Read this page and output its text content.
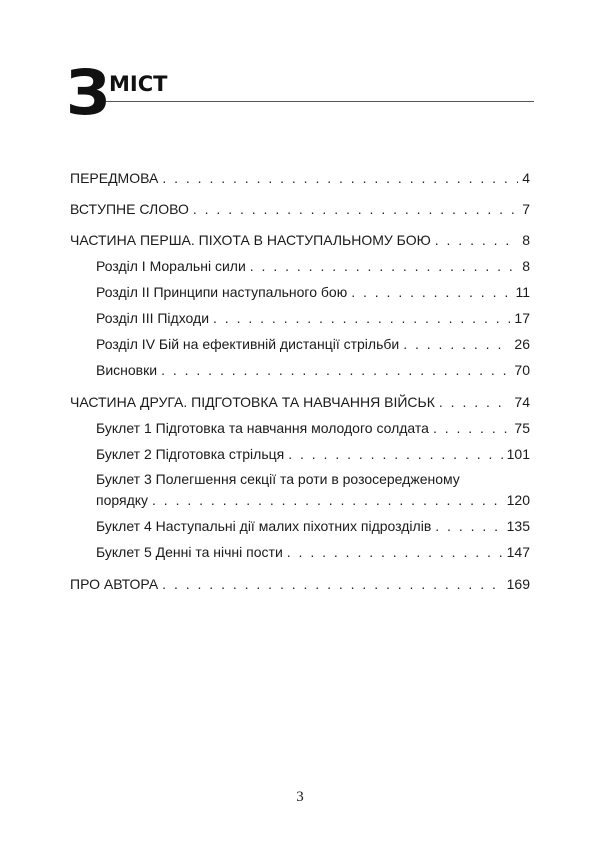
З
МІСТ
ПЕРЕДМОВА . . .	4
ВСТУПНЕ СЛОВО . . .	7
ЧАСТИНА ПЕРША. ПІХОТА В НАСТУПАЛЬНОМУ БОЮ . . .	8
Розділ І Моральні сили . . .	8
Розділ ІІ Принципи наступального бою . . .	11
Розділ ІІІ Підходи . . .	17
Розділ IV Бій на ефективній дистанції стрільби . . .	26
Висновки . . .	70
ЧАСТИНА ДРУГА. ПІДГОТОВКА ТА НАВЧАННЯ ВІЙСЬК . . .	74
Буклет 1 Підготовка та навчання молодого солдата . . .	75
Буклет 2 Підготовка стрільця . . .	101
Буклет 3 Полегшення секції та роти в розосередженому
порядку . . .	120
Буклет 4 Наступальні дії малих піхотних підрозділів . . .	135
Буклет 5 Денні та нічні пости . . .	147
ПРО АВТОРА . . .	169
3
